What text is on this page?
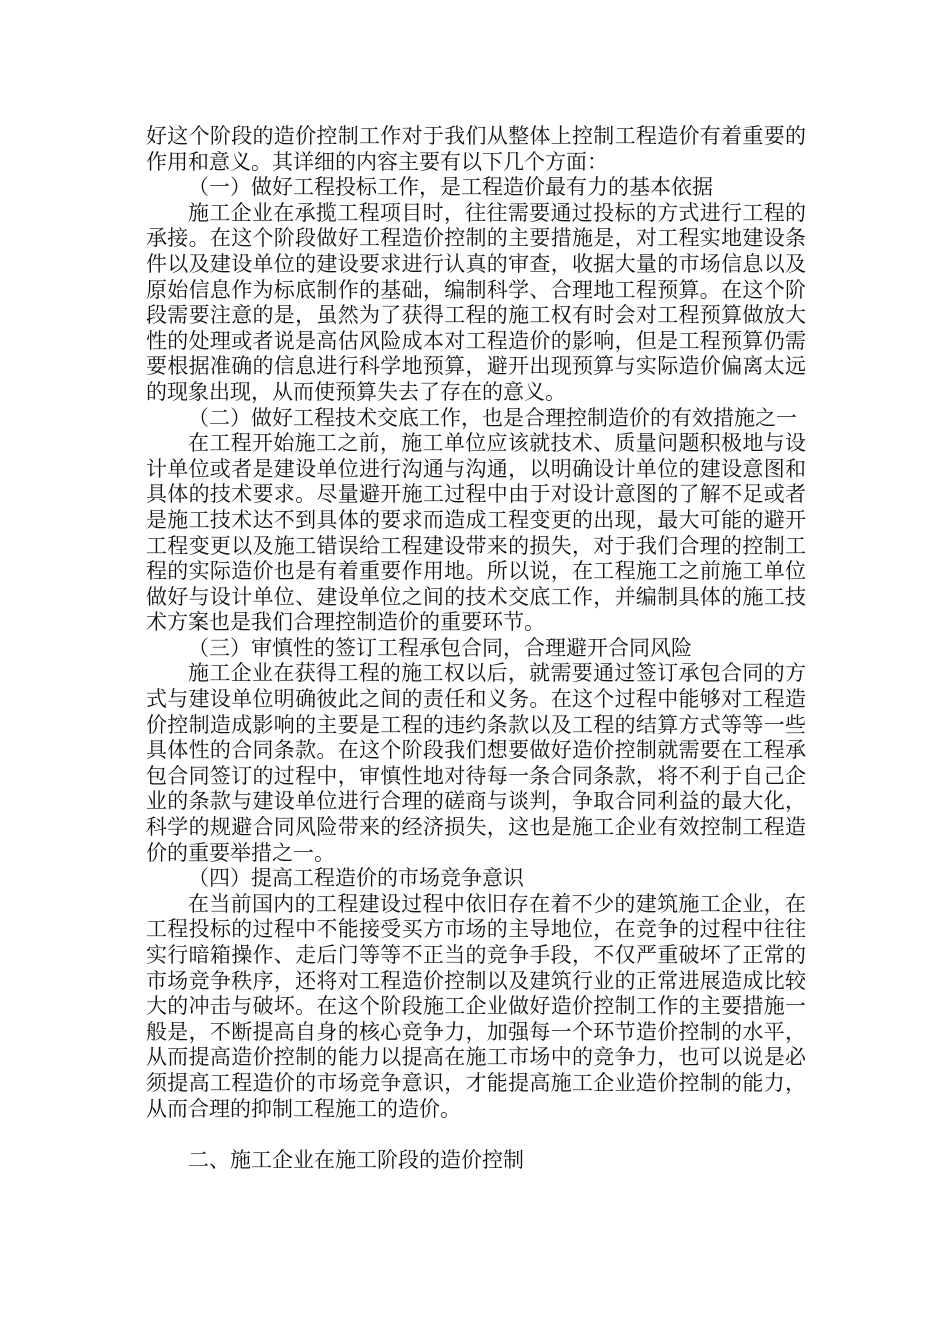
好这个阶段的造价控制工作对于我们从整体上控制工程造价有着重要的作用和意义。其详细的内容主要有以下几个方面：

（一）做好工程投标工作，是工程造价最有力的基本依据

施工企业在承揽工程项目时，往往需要通过投标的方式进行工程的承接。在这个阶段做好工程造价控制的主要措施是，对工程实地建设条件以及建设单位的建设要求进行认真的审查，收据大量的市场信息以及原始信息作为标底制作的基础，编制科学、合理地工程预算。在这个阶段需要注意的是，虽然为了获得工程的施工权有时会对工程预算做放大性的处理或者说是高估风险成本对工程造价的影响，但是工程预算仍需要根据准确的信息进行科学地预算，避开出现预算与实际造价偏离太远的现象出现，从而使预算失去了存在的意义。

（二）做好工程技术交底工作，也是合理控制造价的有效措施之一

在工程开始施工之前，施工单位应该就技术、质量问题积极地与设计单位或者是建设单位进行沟通与沟通，以明确设计单位的建设意图和具体的技术要求。尽量避开施工过程中由于对设计意图的了解不足或者是施工技术达不到具体的要求而造成工程变更的出现，最大可能的避开工程变更以及施工错误给工程建设带来的损失，对于我们合理的控制工程的实际造价也是有着重要作用地。所以说，在工程施工之前施工单位做好与设计单位、建设单位之间的技术交底工作，并编制具体的施工技术方案也是我们合理控制造价的重要环节。

（三）审慎性的签订工程承包合同，合理避开合同风险

施工企业在获得工程的施工权以后，就需要通过签订承包合同的方式与建设单位明确彼此之间的责任和义务。在这个过程中能够对工程造价控制造成影响的主要是工程的违约条款以及工程的结算方式等等一些具体性的合同条款。在这个阶段我们想要做好造价控制就需要在工程承包合同签订的过程中，审慎性地对待每一条合同条款，将不利于自己企业的条款与建设单位进行合理的磋商与谈判，争取合同利益的最大化，科学的规避合同风险带来的经济损失，这也是施工企业有效控制工程造价的重要举措之一。

（四）提高工程造价的市场竞争意识

在当前国内的工程建设过程中依旧存在着不少的建筑施工企业，在工程投标的过程中不能接受买方市场的主导地位，在竞争的过程中往往实行暗箱操作、走后门等等不正当的竞争手段，不仅严重破坏了正常的市场竞争秩序，还将对工程造价控制以及建筑行业的正常进展造成比较大的冲击与破坏。在这个阶段施工企业做好造价控制工作的主要措施一般是，不断提高自身的核心竞争力，加强每一个环节造价控制的水平，从而提高造价控制的能力以提高在施工市场中的竞争力，也可以说是必须提高工程造价的市场竞争意识，才能提高施工企业造价控制的能力，从而合理的抑制工程施工的造价。

二、施工企业在施工阶段的造价控制
